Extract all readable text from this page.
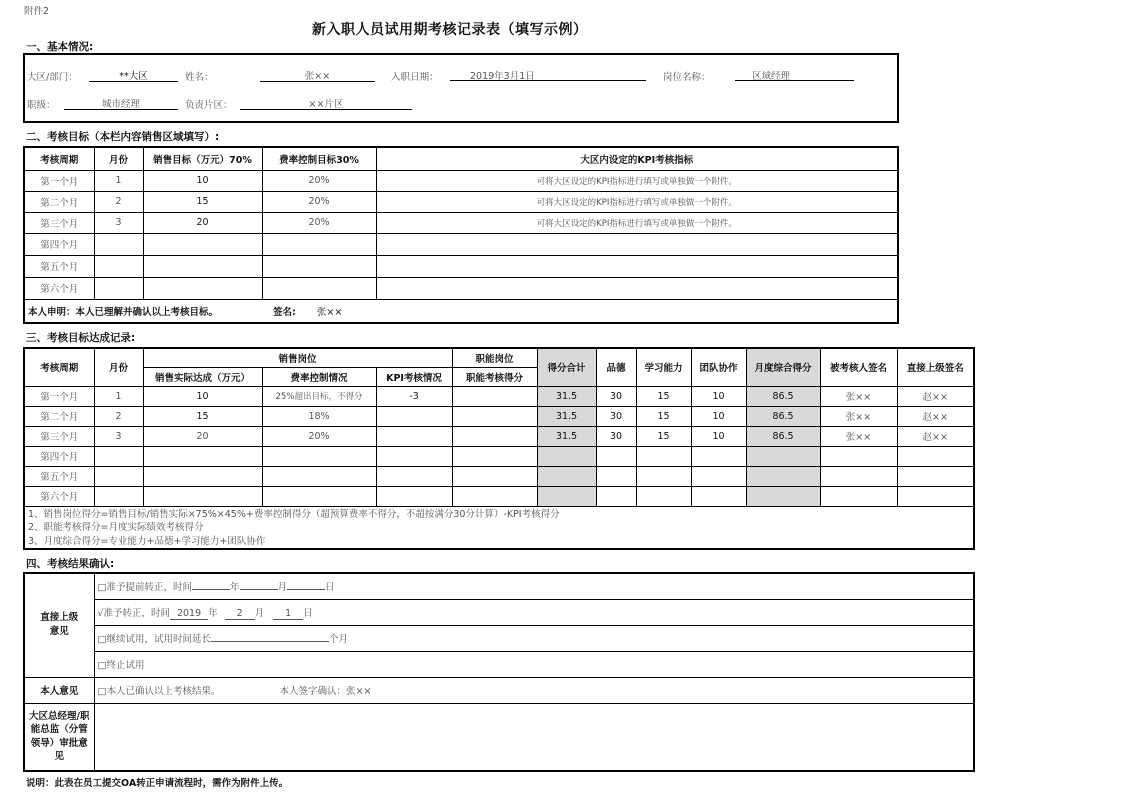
附件2
新入职人员试用期考核记录表（填写示例）
一、基本情况:
大区/部门：	**大区	姓名：	张××	入职日期：	2019年3月1日	岗位名称：	区域经理
职级：	城市经理	负责片区：	××片区
二、考核目标（本栏内容销售区域填写）:
考核周期	月份	销售目标（万元）70%	费率控制目标30%	大区内设定的KPI考核指标
第一个月	1	10	20%	可将大区设定的KPI指标进行填写或单独做一个附件。
第二个月	2	15	20%	可将大区设定的KPI指标进行填写或单独做一个附件。
第三个月	3	20	20%	可将大区设定的KPI指标进行填写或单独做一个附件。
第四个月				
第五个月				
第六个月				
本人申明：本人已理解并确认以上考核目标。 签名: 张××				
三、考核目标达成记录:
考核周期	月份	销售岗位			职能岗位	得分合计	品德	学习能力	团队协作	月度综合得分	被考核人签名	直接上级签名
		销售实际达成（万元）	费率控制情况	KPI考核情况	职能考核得分							
第一个月	1	10	25%超出目标，不得分	-3		31.5	30	15	10	86.5	张××	赵××
第二个月	2	15	18%			31.5	30	15	10	86.5	张××	赵××
第三个月	3	20	20%			31.5	30	15	10	86.5	张××	赵××
第四个月												
第五个月												
第六个月												

1、销售岗位得分=销售目标/销售实际×75%×45%+费率控制得分（超预算费率不得分，不超按满分30分计算）-KPI考核得分
2、职能考核得分=月度实际绩效考核得分
3、月度综合得分=专业能力+品德+学习能力+团队协作												
四、考核结果确认:
直接上级意见	□准予提前转正，时间 年 月 日
	√准予转正，时间 2019 年 2 月 1 日
	□继续试用，试用时间延长 个月
	□终止试用
本人意见	□本人已确认以上考核结果。 本人签字确认：张××
大区总经理/职能总监（分管领导）审批意见	
说明：此表在员工提交OA转正申请流程时，需作为附件上传。
